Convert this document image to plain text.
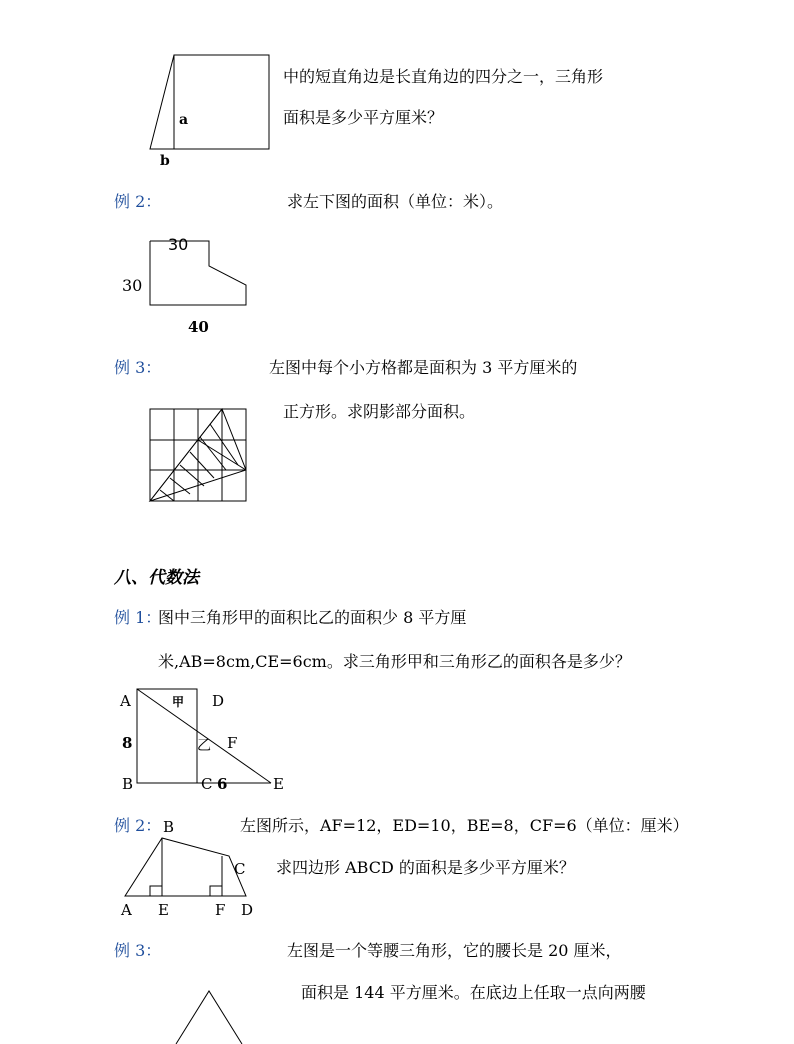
a
b
中的短直角边是长直角边的四分之一，三角形
面积是多少平方厘米？
例 2：	求左下图的面积（单位：米）。
30
30
40
例 3：	左图中每个小方格都是面积为 3 平方厘米的
正方形。求阴影部分面积。
八、代数法
例 1：
图中三角形甲的面积比乙的面积少 8 平方厘
米,AB=8cm,CE=6cm。求三角形甲和三角形乙的面积各是多少？
A	D
甲
8	乙 F
B	C 6	E
例 2：	左图所示，AF=12，ED=10，BE=8，CF=6（单位：厘米）
求四边形 ABCD 的面积是多少平方厘米？
B
C
A E	F D
例 3：	左图是一个等腰三角形，它的腰长是 20 厘米，
面积是 144 平方厘米。在底边上任取一点向两腰
